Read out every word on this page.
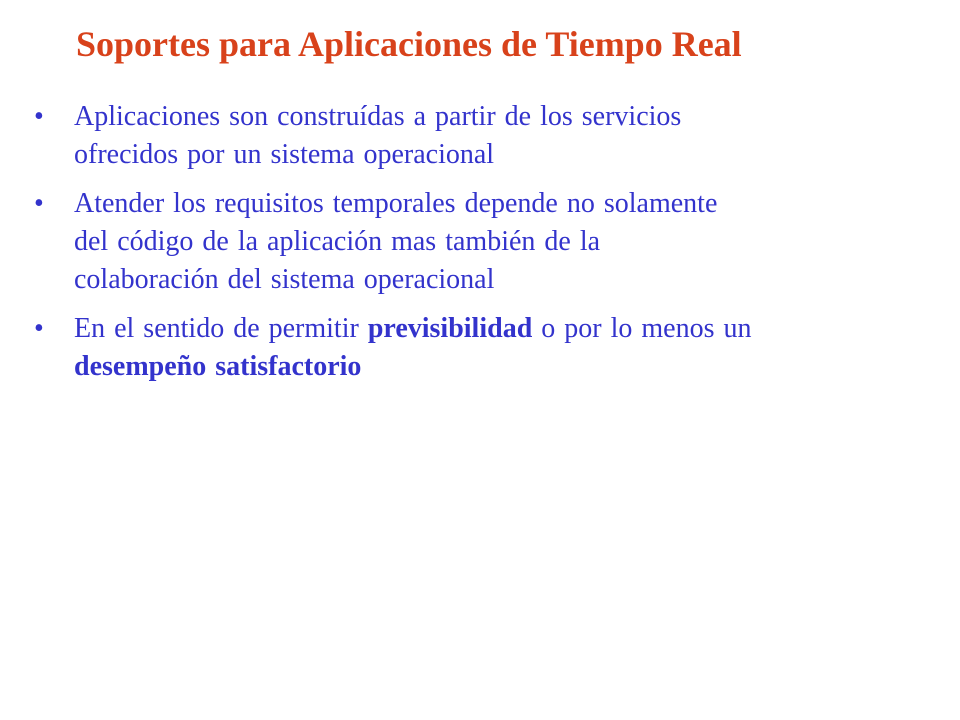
Soportes para Aplicaciones de Tiempo Real
•	Aplicaciones son construídas a partir de los servicios
ofrecidos por un sistema operacional
•	Atender los requisitos temporales depende no solamente
del código de la aplicación mas también de la
colaboración del sistema operacional
•	En el sentido de permitir previsibilidad o por lo menos un
desempeño satisfactorio
